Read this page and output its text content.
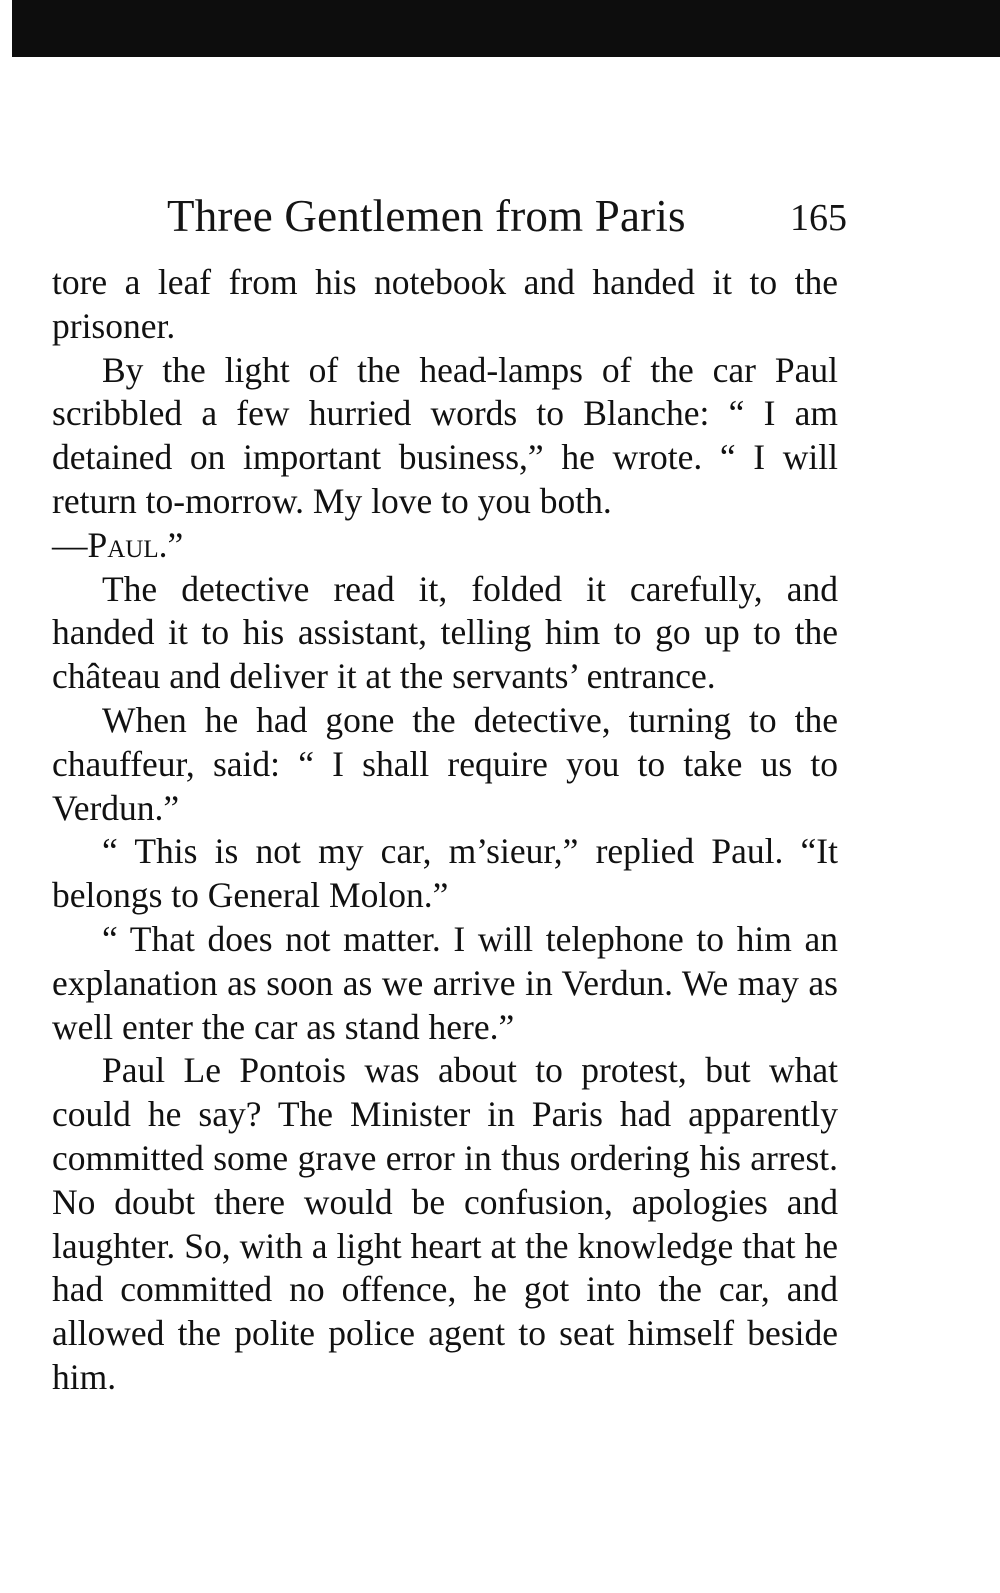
Three Gentlemen from Paris	165

tore a leaf from his notebook and handed it to the prisoner.

By the light of the head-lamps of the car Paul scribbled a few hurried words to Blanche: “ I am detained on important business,” he wrote. “ I will return to-morrow. My love to you both.
—Paul.”

The detective read it, folded it carefully, and handed it to his assistant, telling him to go up to the château and deliver it at the servants’ entrance.

When he had gone the detective, turning to the chauffeur, said: “ I shall require you to take us to Verdun.”

“ This is not my car, m’sieur,” replied Paul. “It belongs to General Molon.”

“ That does not matter. I will telephone to him an explanation as soon as we arrive in Verdun. We may as well enter the car as stand here.”

Paul Le Pontois was about to protest, but what could he say? The Minister in Paris had apparently committed some grave error in thus ordering his arrest. No doubt there would be confusion, apologies and laughter. So, with a light heart at the knowledge that he had committed no offence, he got into the car, and allowed the polite police agent to seat himself beside him.
